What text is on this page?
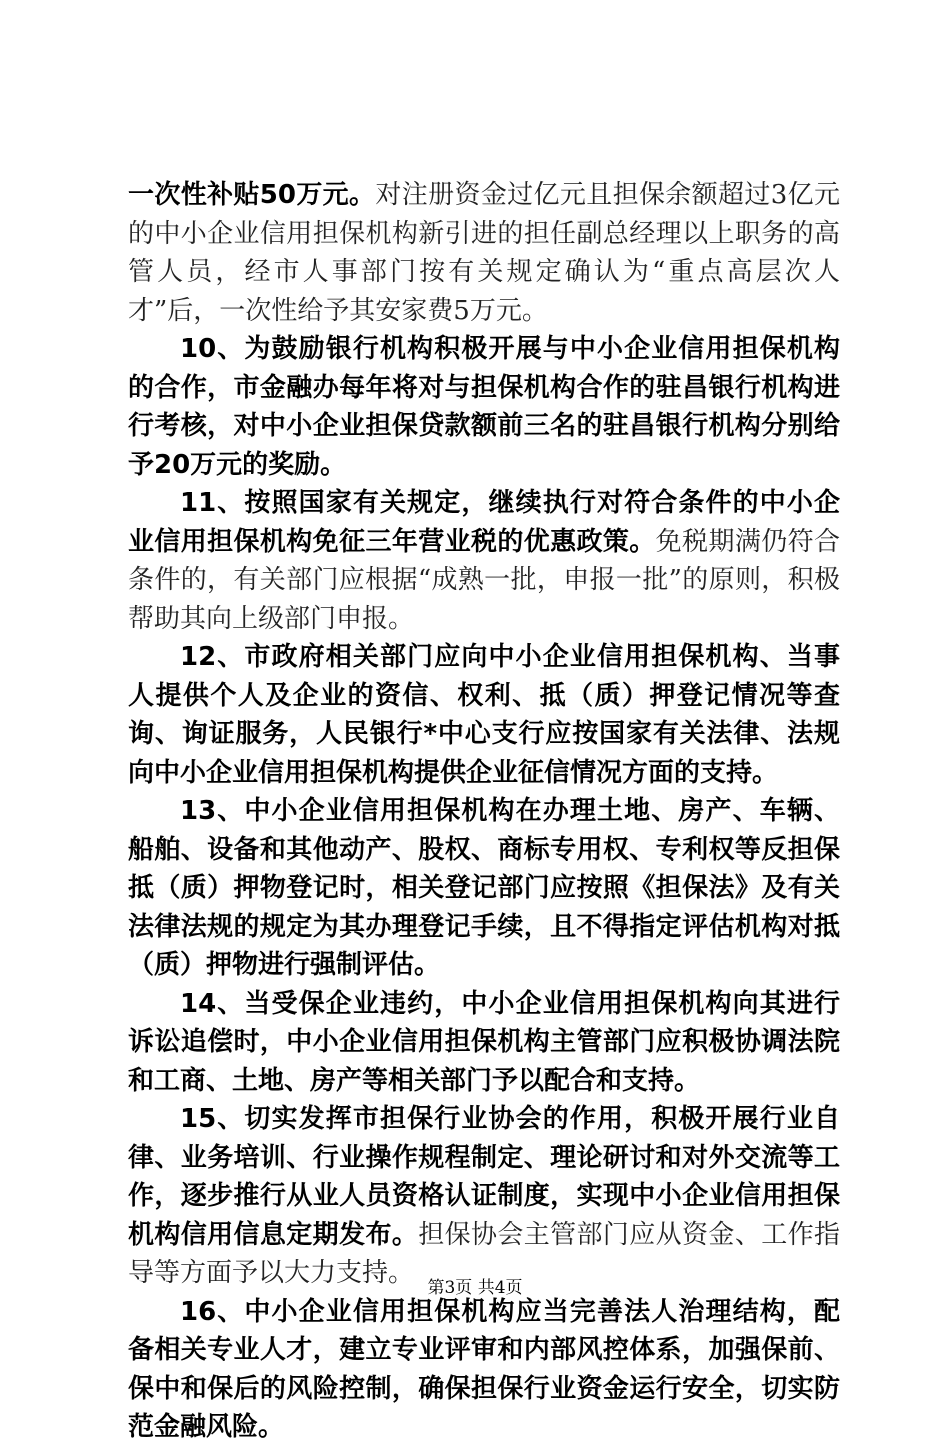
一次性补贴50万元。对注册资金过亿元且担保余额超过3亿元的中小企业信用担保机构新引进的担任副总经理以上职务的高管人员，经市人事部门按有关规定确认为“重点高层次人才”后，一次性给予其安家费5万元。

10、为鼓励银行机构积极开展与中小企业信用担保机构的合作，市金融办每年将对与担保机构合作的驻昌银行机构进行考核，对中小企业担保贷款额前三名的驻昌银行机构分别给予20万元的奖励。

11、按照国家有关规定，继续执行对符合条件的中小企业信用担保机构免征三年营业税的优惠政策。免税期满仍符合条件的，有关部门应根据“成熟一批，申报一批”的原则，积极帮助其向上级部门申报。

12、市政府相关部门应向中小企业信用担保机构、当事人提供个人及企业的资信、权利、抵（质）押登记情况等查询、询证服务，人民银行*中心支行应按国家有关法律、法规向中小企业信用担保机构提供企业征信情况方面的支持。

13、中小企业信用担保机构在办理土地、房产、车辆、船舶、设备和其他动产、股权、商标专用权、专利权等反担保抵（质）押物登记时，相关登记部门应按照《担保法》及有关法律法规的规定为其办理登记手续，且不得指定评估机构对抵（质）押物进行强制评估。

14、当受保企业违约，中小企业信用担保机构向其进行诉讼追偿时，中小企业信用担保机构主管部门应积极协调法院和工商、土地、房产等相关部门予以配合和支持。

15、切实发挥市担保行业协会的作用，积极开展行业自律、业务培训、行业操作规程制定、理论研讨和对外交流等工作，逐步推行从业人员资格认证制度，实现中小企业信用担保机构信用信息定期发布。担保协会主管部门应从资金、工作指导等方面予以大力支持。

16、中小企业信用担保机构应当完善法人治理结构，配备相关专业人才，建立专业评审和内部风控体系，加强保前、保中和保后的风险控制，确保担保行业资金运行安全，切实防范金融风险。

第3页 共4页
